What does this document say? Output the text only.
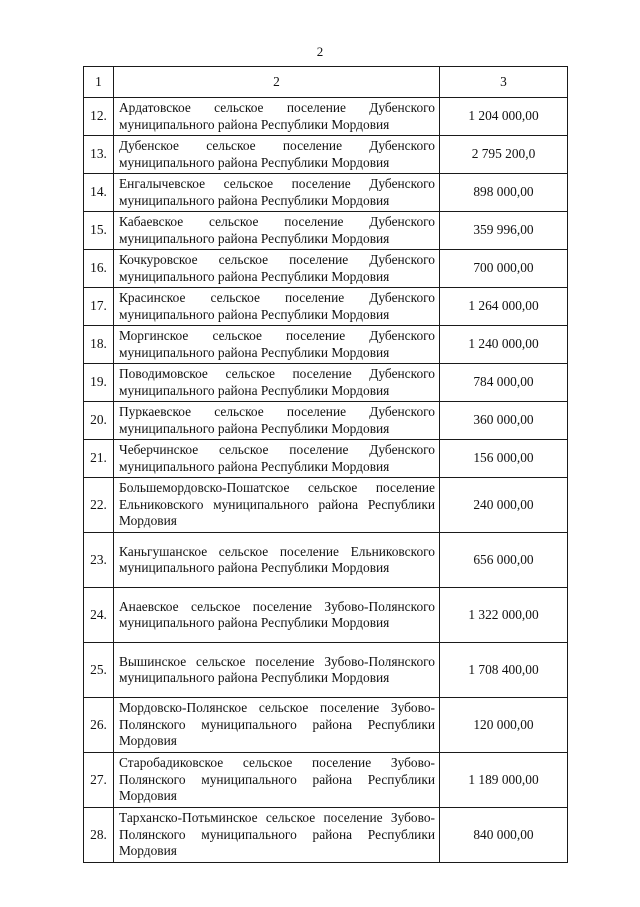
2
1	2	3
12.	Ардатовское сельское поселение Дубенского муниципального района Республики Мордовия	1 204 000,00
13.	Дубенское сельское поселение Дубенского муниципального района Республики Мордовия	2 795 200,0
14.	Енгалычевское сельское поселение Дубенского муниципального района Республики Мордовия	898 000,00
15.	Кабаевское сельское поселение Дубенского муниципального района Республики Мордовия	359 996,00
16.	Кочкуровское сельское поселение Дубенского муниципального района Республики Мордовия	700 000,00
17.	Красинское сельское поселение Дубенского муниципального района Республики Мордовия	1 264 000,00
18.	Моргинское сельское поселение Дубенского муниципального района Республики Мордовия	1 240 000,00
19.	Поводимовское сельское поселение Дубенского муниципального района Республики Мордовия	784 000,00
20.	Пуркаевское сельское поселение Дубенского муниципального района Республики Мордовия	360 000,00
21.	Чеберчинское сельское поселение Дубенского муниципального района Республики Мордовия	156 000,00
22.	Большемордовско-Пошатское сельское поселение Ельниковского муниципального района Республики Мордовия	240 000,00
23.	Каньгушанское сельское поселение Ельниковского муниципального района Республики Мордовия	656 000,00
24.	Анаевское сельское поселение Зубово-Полянского муниципального района Республики Мордовия	1 322 000,00
25.	Вышинское сельское поселение Зубово-Полянского муниципального района Республики Мордовия	1 708 400,00
26.	Мордовско-Полянское сельское поселение Зубово-Полянского муниципального района Республики Мордовия	120 000,00
27.	Старобадиковское сельское поселение Зубово-Полянского муниципального района Республики Мордовия	1 189 000,00
28.	Тарханско-Потьминское сельское поселение Зубово-Полянского муниципального района Республики Мордовия	840 000,00
